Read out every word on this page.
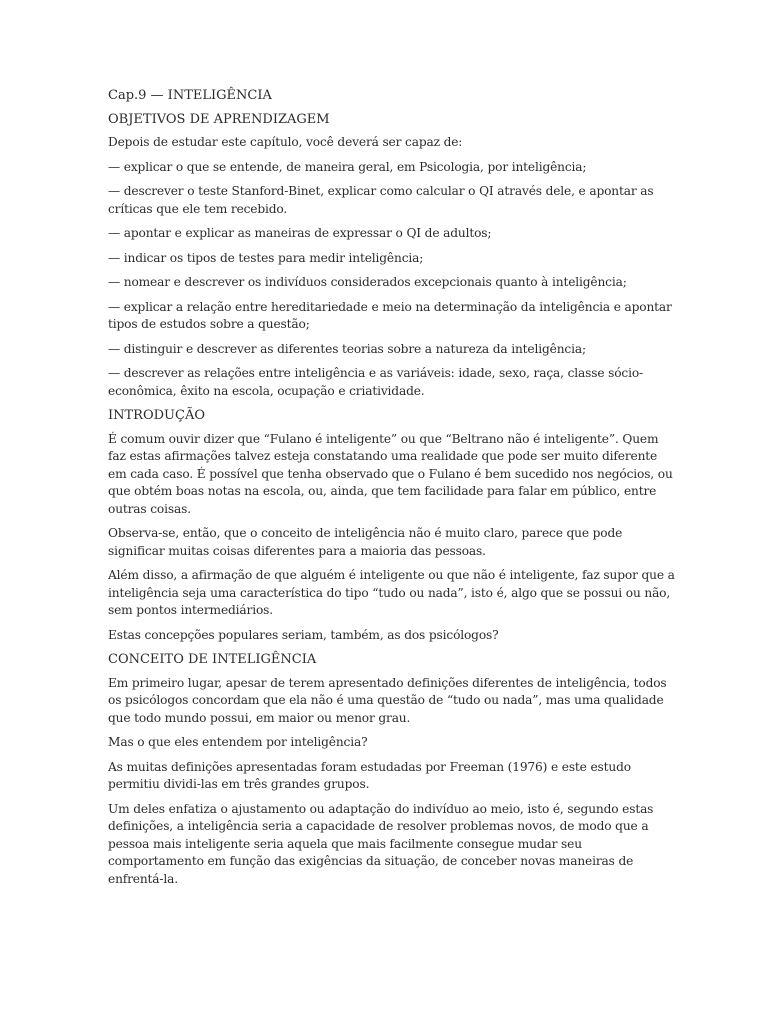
Cap.9 — INTELIGÊNCIA

OBJETIVOS DE APRENDIZAGEM

Depois de estudar este capítulo, você deverá ser capaz de:

— explicar o que se entende, de maneira geral, em Psicologia, por inteligência;

— descrever o teste Stanford-Binet, explicar como calcular o QI através dele, e apontar as críticas que ele tem recebido.

— apontar e explicar as maneiras de expressar o QI de adultos;

— indicar os tipos de testes para medir inteligência;

— nomear e descrever os indivíduos considerados excepcionais quanto à inteligência;

— explicar a relação entre hereditariedade e meio na determinação da inteligência e apontar tipos de estudos sobre a questão;

— distinguir e descrever as diferentes teorias sobre a natureza da inteligência;

— descrever as relações entre inteligência e as variáveis: idade, sexo, raça, classe sócio-econômica, êxito na escola, ocupação e criatividade.

INTRODUÇÃO

É comum ouvir dizer que “Fulano é inteligente” ou que “Beltrano não é inteligente”. Quem faz estas afirmações talvez esteja constatando uma realidade que pode ser muito diferente em cada caso. É possível que tenha observado que o Fulano é bem sucedido nos negócios, ou que obtém boas notas na escola, ou, ainda, que tem facilidade para falar em público, entre outras coisas.

Observa-se, então, que o conceito de inteligência não é muito claro, parece que pode significar muitas coisas diferentes para a maioria das pessoas.

Além disso, a afirmação de que alguém é inteligente ou que não é inteligente, faz supor que a inteligência seja uma característica do tipo “tudo ou nada”, isto é, algo que se possui ou não, sem pontos intermediários.

Estas concepções populares seriam, também, as dos psicólogos?

CONCEITO DE INTELIGÊNCIA

Em primeiro lugar, apesar de terem apresentado definições diferentes de inteligência, todos os psicólogos concordam que ela não é uma questão de “tudo ou nada”, mas uma qualidade que todo mundo possui, em maior ou menor grau.

Mas o que eles entendem por inteligência?

As muitas definições apresentadas foram estudadas por Freeman (1976) e este estudo permitiu dividi-las em três grandes grupos.

Um deles enfatiza o ajustamento ou adaptação do indivíduo ao meio, isto é, segundo estas definições, a inteligência seria a capacidade de resolver problemas novos, de modo que a pessoa mais inteligente seria aquela que mais facilmente consegue mudar seu comportamento em função das exigências da situação, de conceber novas maneiras de enfrentá-la.
